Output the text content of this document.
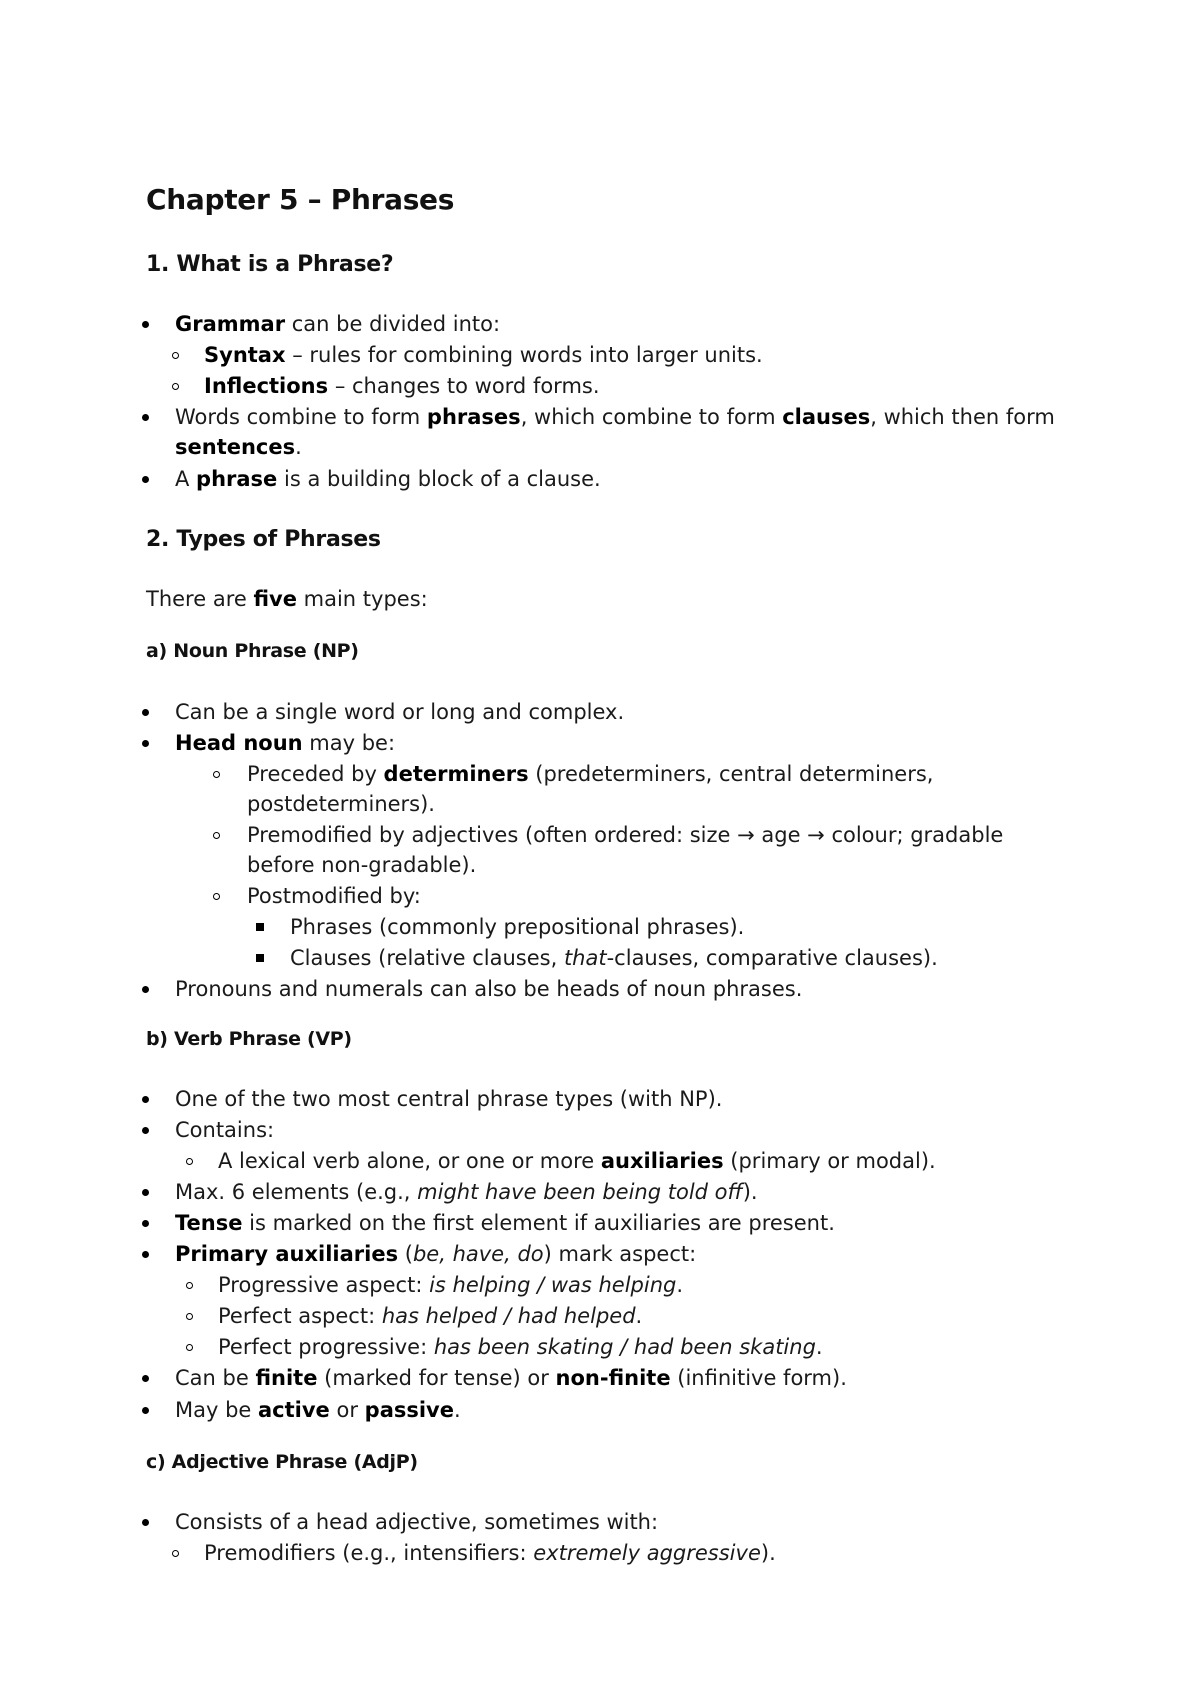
Chapter 5 – Phrases
1. What is a Phrase?
Grammar can be divided into:
Syntax – rules for combining words into larger units.
Inflections – changes to word forms.
Words combine to form phrases, which combine to form clauses, which then form
sentences.
A phrase is a building block of a clause.
2. Types of Phrases
There are five main types:
a) Noun Phrase (NP)
Can be a single word or long and complex.
Head noun may be:
Preceded by determiners (predeterminers, central determiners,
postdeterminers).
Premodified by adjectives (often ordered: size → age → colour; gradable
before non-gradable).
Postmodified by:
Phrases (commonly prepositional phrases).
Clauses (relative clauses, that-clauses, comparative clauses).
Pronouns and numerals can also be heads of noun phrases.
b) Verb Phrase (VP)
One of the two most central phrase types (with NP).
Contains:
A lexical verb alone, or one or more auxiliaries (primary or modal).
Max. 6 elements (e.g., might have been being told off).
Tense is marked on the first element if auxiliaries are present.
Primary auxiliaries (be, have, do) mark aspect:
Progressive aspect: is helping / was helping.
Perfect aspect: has helped / had helped.
Perfect progressive: has been skating / had been skating.
Can be finite (marked for tense) or non-finite (infinitive form).
May be active or passive.
c) Adjective Phrase (AdjP)
Consists of a head adjective, sometimes with:
Premodifiers (e.g., intensifiers: extremely aggressive).
